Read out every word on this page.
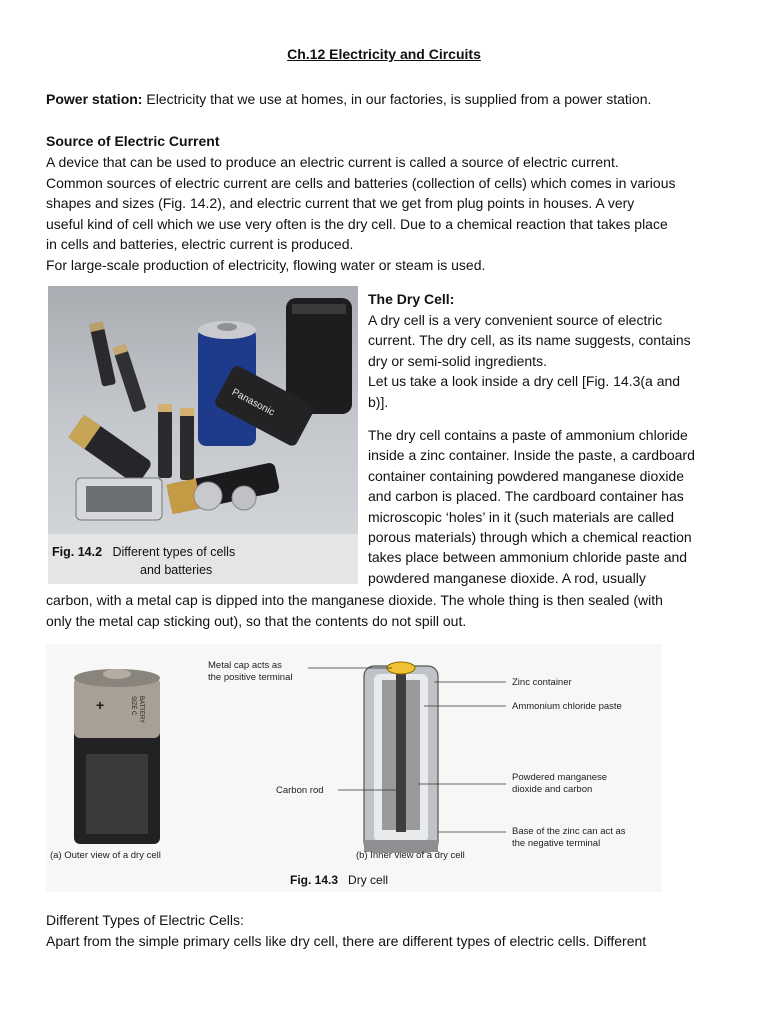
Ch.12 Electricity and Circuits
Power station: Electricity that we use at homes, in our factories, is supplied from a power station.
Source of Electric Current
A device that can be used to produce an electric current is called a source of electric current.
Common sources of electric current are cells and batteries (collection of cells) which comes in various
shapes and sizes (Fig. 14.2), and electric current that we get from plug points in houses. A very
useful kind of cell which we use very often is the dry cell. Due to a chemical reaction that takes place
in cells and batteries, electric current is produced.
For large-scale production of electricity, flowing water or steam is used.
Panasonic
Fig. 14.2 Different types of cells
and batteries
The Dry Cell:
A dry cell is a very convenient source of electric
current. The dry cell, as its name suggests, contains
dry or semi-solid ingredients.
Let us take a look inside a dry cell [Fig. 14.3(a and
b)].
The dry cell contains a paste of ammonium chloride
inside a zinc container. Inside the paste, a cardboard
container containing powdered manganese dioxide
and carbon is placed. The cardboard container has
microscopic ‘holes’ in it (such materials are called
porous materials) through which a chemical reaction
takes place between ammonium chloride paste and
powdered manganese dioxide. A rod, usually
carbon, with a metal cap is dipped into the manganese dioxide. The whole thing is then sealed (with
only the metal cap sticking out), so that the contents do not spill out.
SIZE C BATTERY
+
(a) Outer view of a dry cell
Metal cap acts as
the positive terminal	Zinc container
Ammonium chloride paste
Carbon rod
Powdered manganese
dioxide and carbon
Base of the zinc can act as
the negative terminal
(b) Inner view of a dry cell
Fig. 14.3 Dry cell
Different Types of Electric Cells:
Apart from the simple primary cells like dry cell, there are different types of electric cells. Different
